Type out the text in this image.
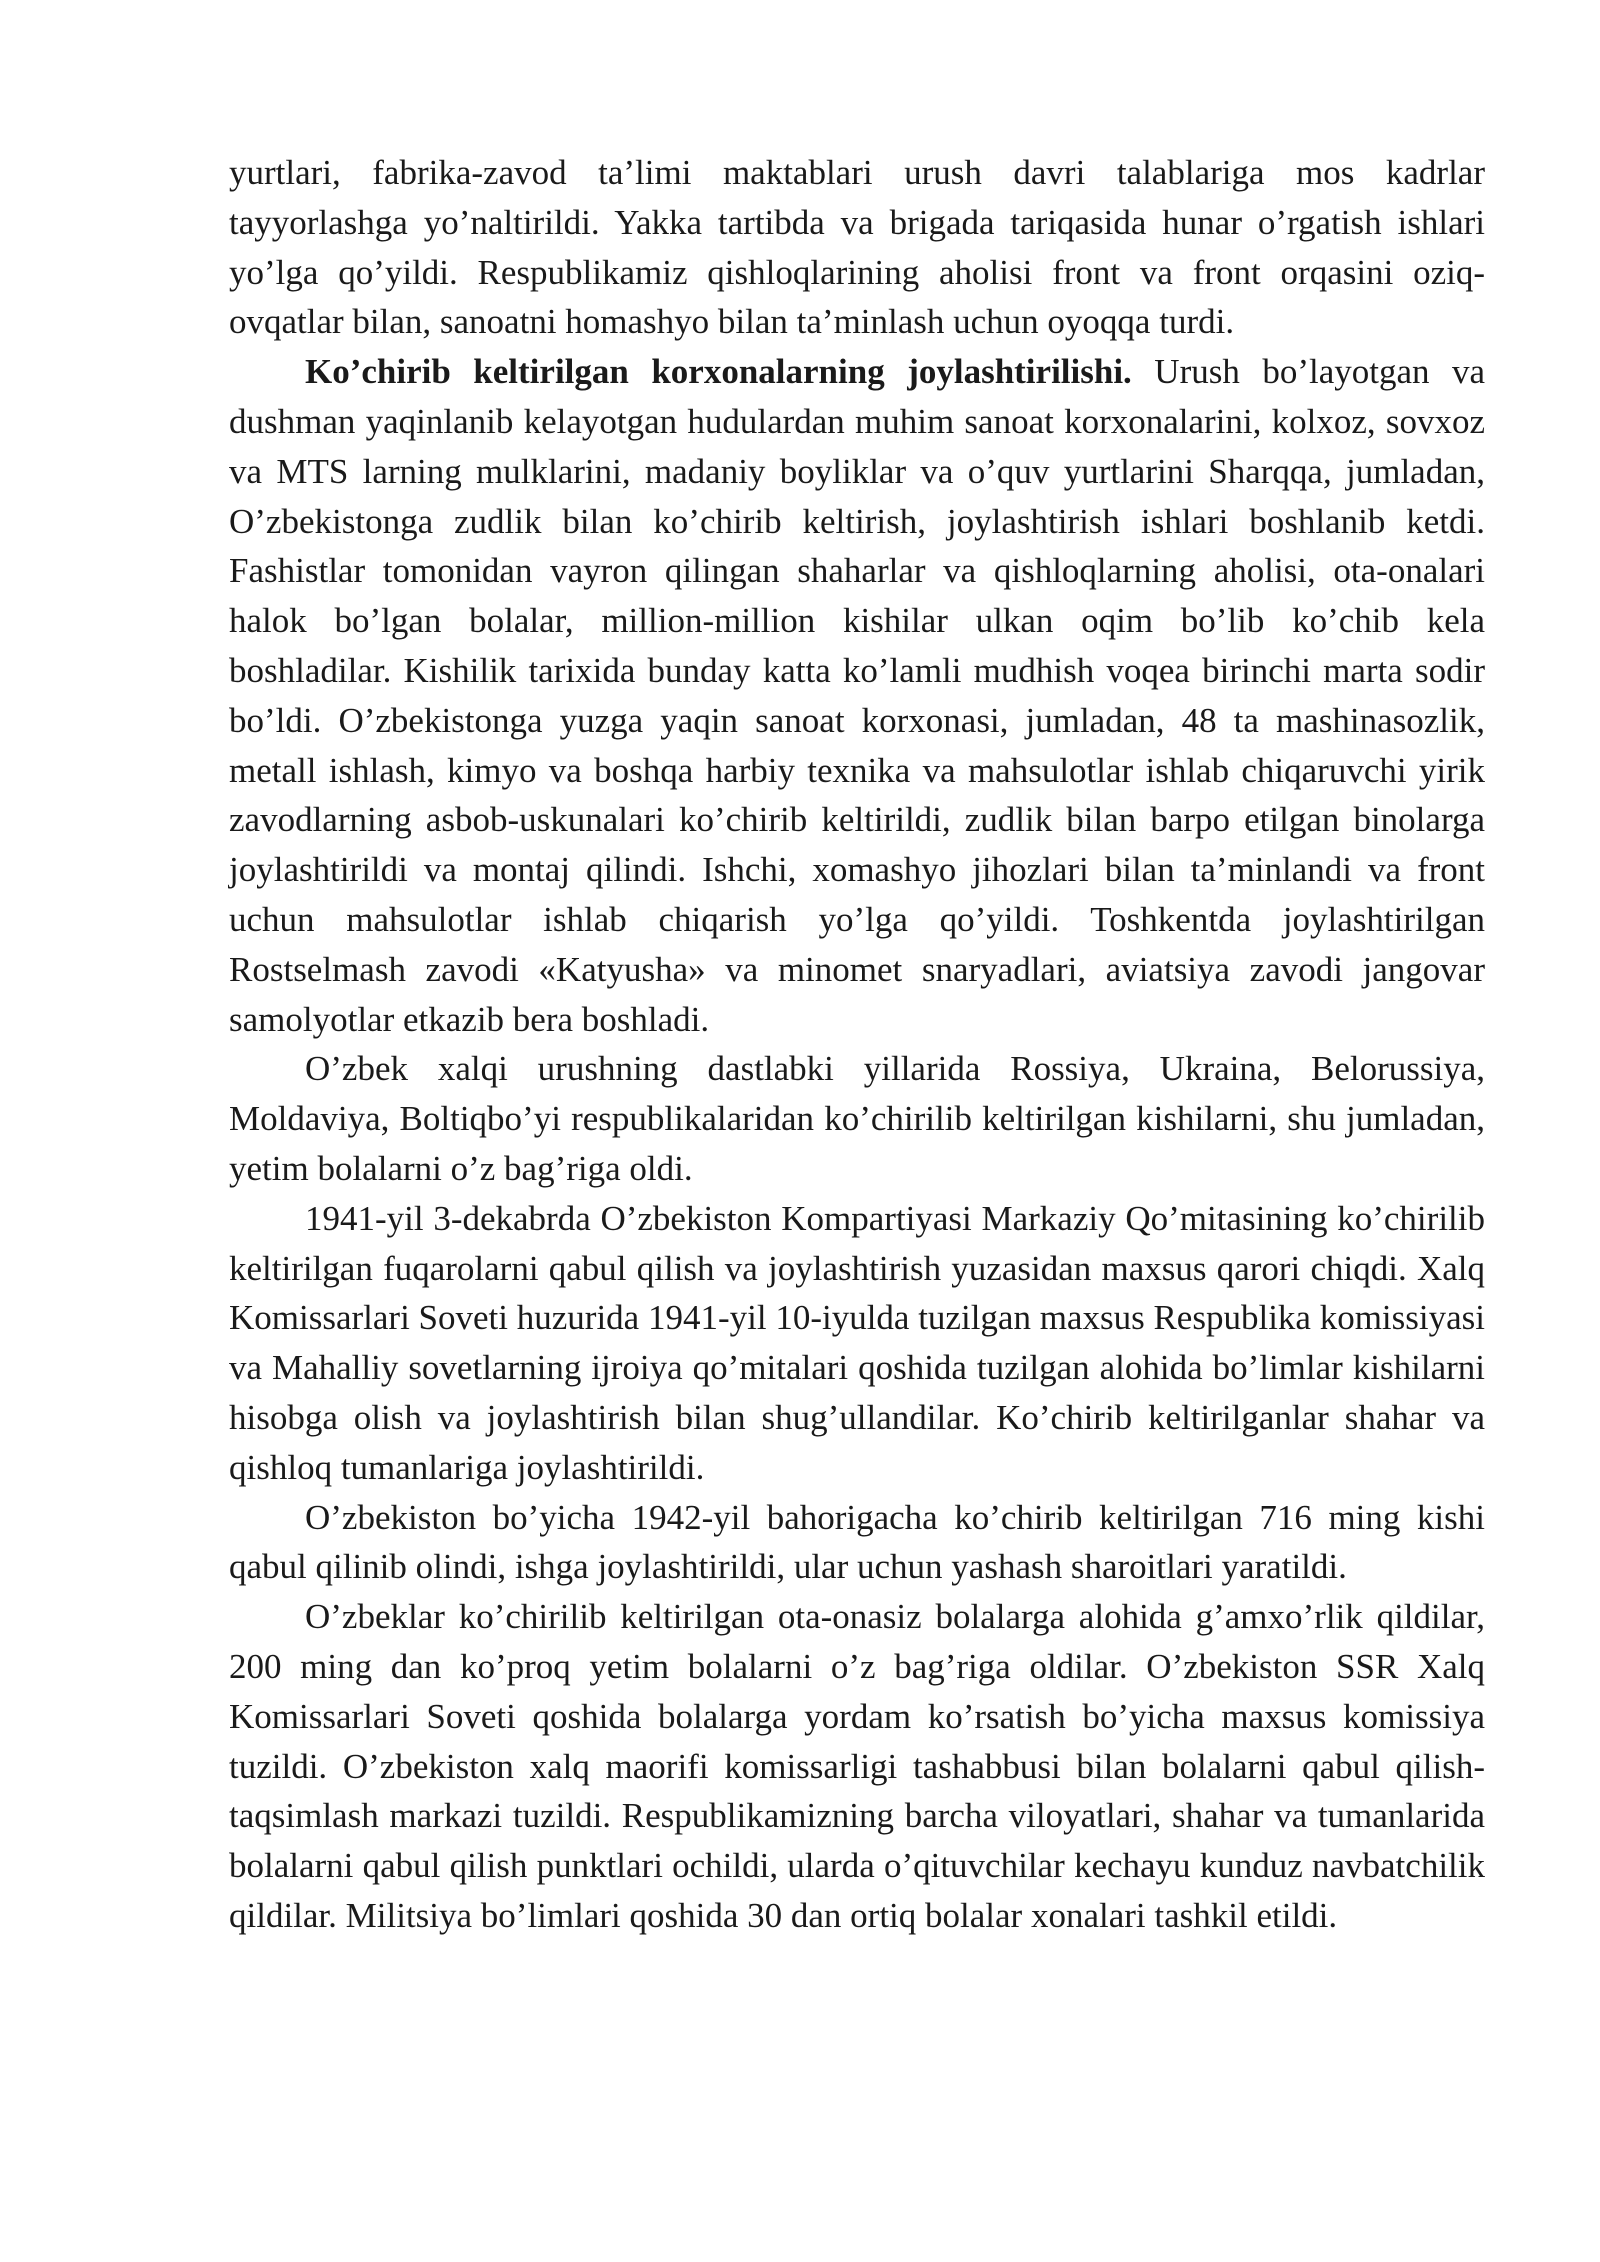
yurtlari, fabrika-zavod ta’limi maktablari urush davri talablariga mos kadrlar tayyorlashga yo’naltirildi. Yakka tartibda va brigada tariqasida hunar o’rgatish ishlari yo’lga qo’yildi. Respublikamiz qishloqlarining aholisi front va front orqasini oziq-ovqatlar bilan, sanoatni homashyo bilan ta’minlash uchun oyoqqa turdi.

Ko’chirib keltirilgan korxonalarning joylashtirilishi. Urush bo’layotgan va dushman yaqinlanib kelayotgan hudulardan muhim sanoat korxonalarini, kolxoz, sovxoz va MTS larning mulklarini, madaniy boyliklar va o’quv yurtlarini Sharqqa, jumladan, O’zbekistonga zudlik bilan ko’chirib keltirish, joylashtirish ishlari boshlanib ketdi. Fashistlar tomonidan vayron qilingan shaharlar va qishloqlarning aholisi, ota-onalari halok bo’lgan bolalar, million-million kishilar ulkan oqim bo’lib ko’chib kela boshladilar. Kishilik tarixida bunday katta ko’lamli mudhish voqea birinchi marta sodir bo’ldi. O’zbekistonga yuzga yaqin sanoat korxonasi, jumladan, 48 ta mashinasozlik, metall ishlash, kimyo va boshqa harbiy texnika va mahsulotlar ishlab chiqaruvchi yirik zavodlarning asbob-uskunalari ko’chirib keltirildi, zudlik bilan barpo etilgan binolarga joylashtirildi va montaj qilindi. Ishchi, xomashyo jihozlari bilan ta’minlandi va front uchun mahsulotlar ishlab chiqarish yo’lga qo’yildi. Toshkentda joylashtirilgan Rostselmash zavodi «Katyusha» va minomet snaryadlari, aviatsiya zavodi jangovar samolyotlar etkazib bera boshladi.

O’zbek xalqi urushning dastlabki yillarida Rossiya, Ukraina, Belorussiya, Moldaviya, Boltiqbo’yi respublikalaridan ko’chirilib keltirilgan kishilarni, shu jumladan, yetim bolalarni o’z bag’riga oldi.

1941-yil 3-dekabrda O’zbekiston Kompartiyasi Markaziy Qo’mitasining ko’chirilib keltirilgan fuqarolarni qabul qilish va joylashtirish yuzasidan maxsus qarori chiqdi. Xalq Komissarlari Soveti huzurida 1941-yil 10-iyulda tuzilgan maxsus Respublika komissiyasi va Mahalliy sovetlarning ijroiya qo’mitalari qoshida tuzilgan alohida bo’limlar kishilarni hisobga olish va joylashtirish bilan shug’ullandilar. Ko’chirib keltirilganlar shahar va qishloq tumanlariga joylashtirildi.

O’zbekiston bo’yicha 1942-yil bahorigacha ko’chirib keltirilgan 716 ming kishi qabul qilinib olindi, ishga joylashtirildi, ular uchun yashash sharoitlari yaratildi.

O’zbeklar ko’chirilib keltirilgan ota-onasiz bolalarga alohida g’amxo’rlik qildilar, 200 ming dan ko’proq yetim bolalarni o’z bag’riga oldilar. O’zbekiston SSR Xalq Komissarlari Soveti qoshida bolalarga yordam ko’rsatish bo’yicha maxsus komissiya tuzildi. O’zbekiston xalq maorifi komissarligi tashabbusi bilan bolalarni qabul qilish-taqsimlash markazi tuzildi. Respublikamizning barcha viloyatlari, shahar va tumanlarida bolalarni qabul qilish punktlari ochildi, ularda o’qituvchilar kechayu kunduz navbatchilik qildilar. Militsiya bo’limlari qoshida 30 dan ortiq bolalar xonalari tashkil etildi.
